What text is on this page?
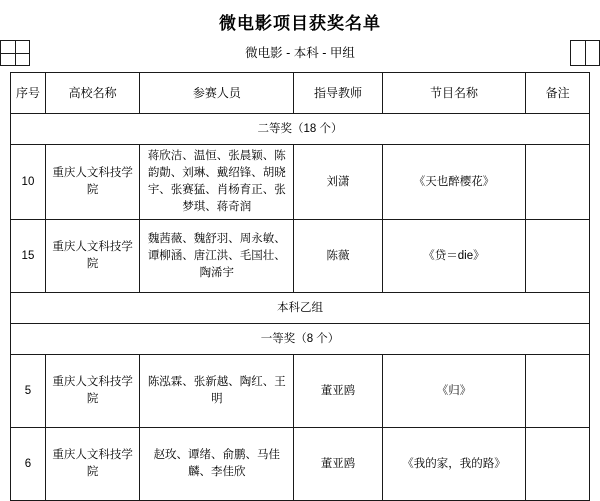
微电影项目获奖名单
微电影 - 本科 - 甲组
序号	高校名称	参赛人员	指导教师	节目名称	备注
二等奖（18 个）					
10	重庆人文科技学院	蒋欣洁、温恒、张晨颖、陈韵勣、刘琳、戴绍锋、胡晓宇、张赛猛、肖杨育正、张梦琪、蒋奇润	刘潇	《天也醉樱花》	
15	重庆人文科技学院	魏茜薇、魏舒羽、周永敏、谭柳涵、唐江洪、毛国壮、陶浠宇	陈薇	《贷＝die》	
本科乙组					
一等奖（8 个）					
5	重庆人文科技学院	陈泓霖、张新越、陶红、王明	董亚鸥	《归》	
6	重庆人文科技学院	赵玫、谭绪、俞鹏、马佳麟、李佳欣	董亚鸥	《我的家，我的路》	
